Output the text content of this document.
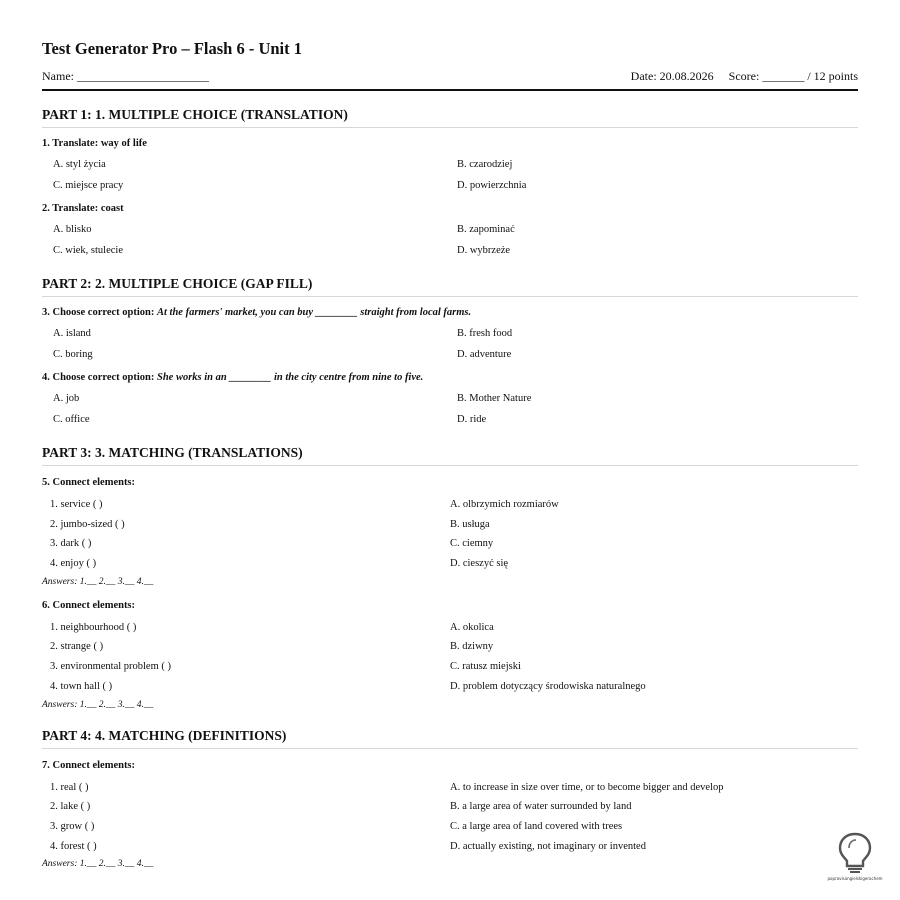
Test Generator Pro – Flash 6 - Unit 1
Name: ______________________	Date: 20.08.2026 Score: _______ / 12 points
PART 1: 1. MULTIPLE CHOICE (TRANSLATION)
1. Translate: way of life
A. styl życia	B. czarodziej
C. miejsce pracy	D. powierzchnia
2. Translate: coast
A. blisko	B. zapominać
C. wiek, stulecie	D. wybrzeże
PART 2: 2. MULTIPLE CHOICE (GAP FILL)
3. Choose correct option: At the farmers' market, you can buy ________ straight from local farms.
A. island	B. fresh food
C. boring	D. adventure
4. Choose correct option: She works in an ________ in the city centre from nine to five.
A. job	B. Mother Nature
C. office	D. ride
PART 3: 3. MATCHING (TRANSLATIONS)
5. Connect elements:
1. service ( )	A. olbrzymich rozmiarów
2. jumbo-sized ( )	B. usługa
3. dark ( )	C. ciemny
4. enjoy ( )	D. cieszyć się
Answers: 1.__ 2.__ 3.__ 4.__
6. Connect elements:
1. neighbourhood ( )	A. okolica
2. strange ( )	B. dziwny
3. environmental problem ( )	C. ratusz miejski
4. town hall ( )	D. problem dotyczący środowiska naturalnego
Answers: 1.__ 2.__ 3.__ 4.__
PART 4: 4. MATCHING (DEFINITIONS)
7. Connect elements:
1. real ( )	A. to increase in size over time, or to become bigger and develop
2. lake ( )	B. a large area of water surrounded by land
3. grow ( )	C. a large area of land covered with trees
4. forest ( )	D. actually existing, not imaginary or invented
Answers: 1.__ 2.__ 3.__ 4.__
popravisangielskigerachem
